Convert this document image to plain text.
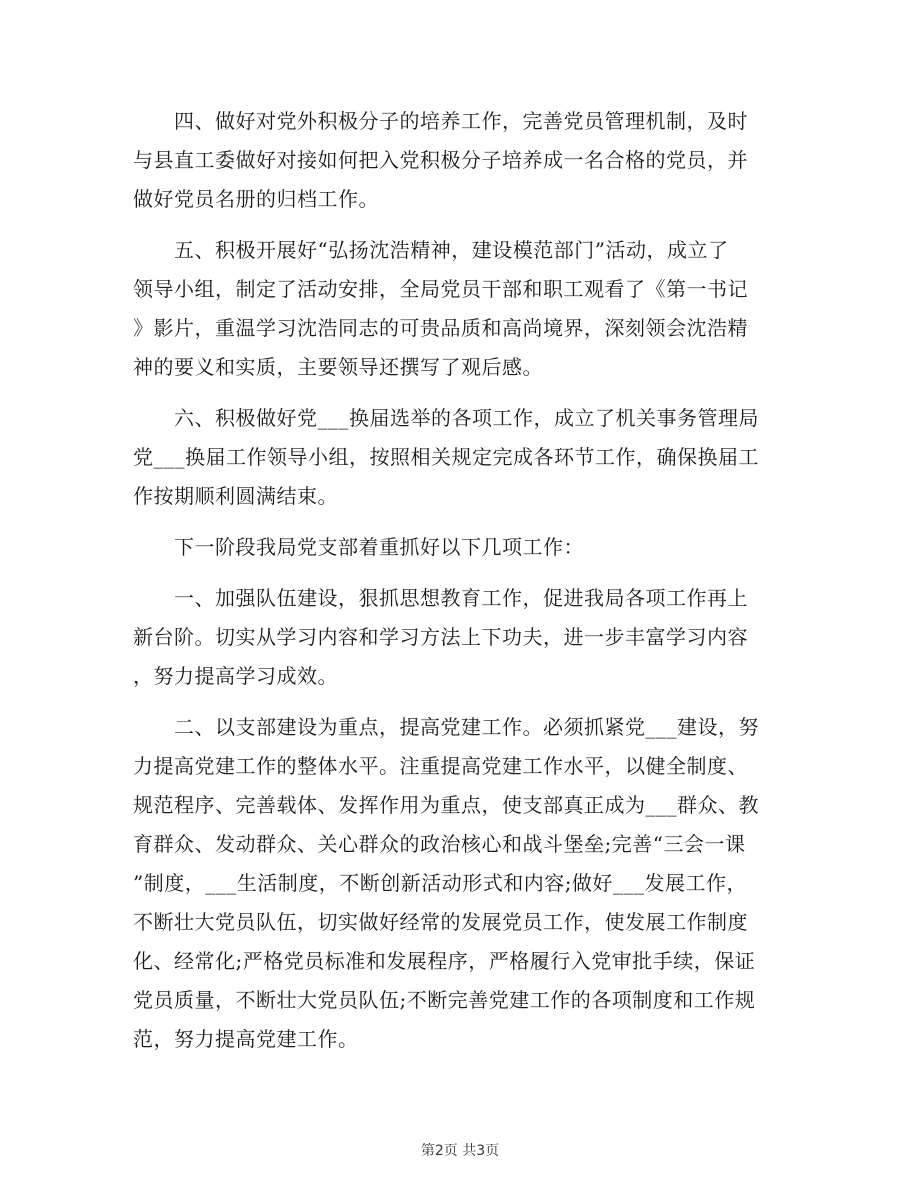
　　四、做好对党外积极分子的培养工作，完善党员管理机制，及时
与县直工委做好对接如何把入党积极分子培养成一名合格的党员，并
做好党员名册的归档工作。

　　五、积极开展好“弘扬沈浩精神，建设模范部门”活动，成立了
领导小组，制定了活动安排，全局党员干部和职工观看了《第一书记
》影片，重温学习沈浩同志的可贵品质和高尚境界，深刻领会沈浩精
神的要义和实质，主要领导还撰写了观后感。

　　六、积极做好党___换届选举的各项工作，成立了机关事务管理局
党___换届工作领导小组，按照相关规定完成各环节工作，确保换届工
作按期顺利圆满结束。

　　下一阶段我局党支部着重抓好以下几项工作：

　　一、加强队伍建设，狠抓思想教育工作，促进我局各项工作再上
新台阶。切实从学习内容和学习方法上下功夫，进一步丰富学习内容
，努力提高学习成效。

　　二、以支部建设为重点，提高党建工作。必须抓紧党___建设，努
力提高党建工作的整体水平。注重提高党建工作水平，以健全制度、
规范程序、完善载体、发挥作用为重点，使支部真正成为___群众、教
育群众、发动群众、关心群众的政治核心和战斗堡垒;完善“三会一课
”制度，___生活制度，不断创新活动形式和内容;做好___发展工作，
不断壮大党员队伍，切实做好经常的发展党员工作，使发展工作制度
化、经常化;严格党员标准和发展程序，严格履行入党审批手续，保证
党员质量，不断壮大党员队伍;不断完善党建工作的各项制度和工作规
范，努力提高党建工作。

第2页 共3页
